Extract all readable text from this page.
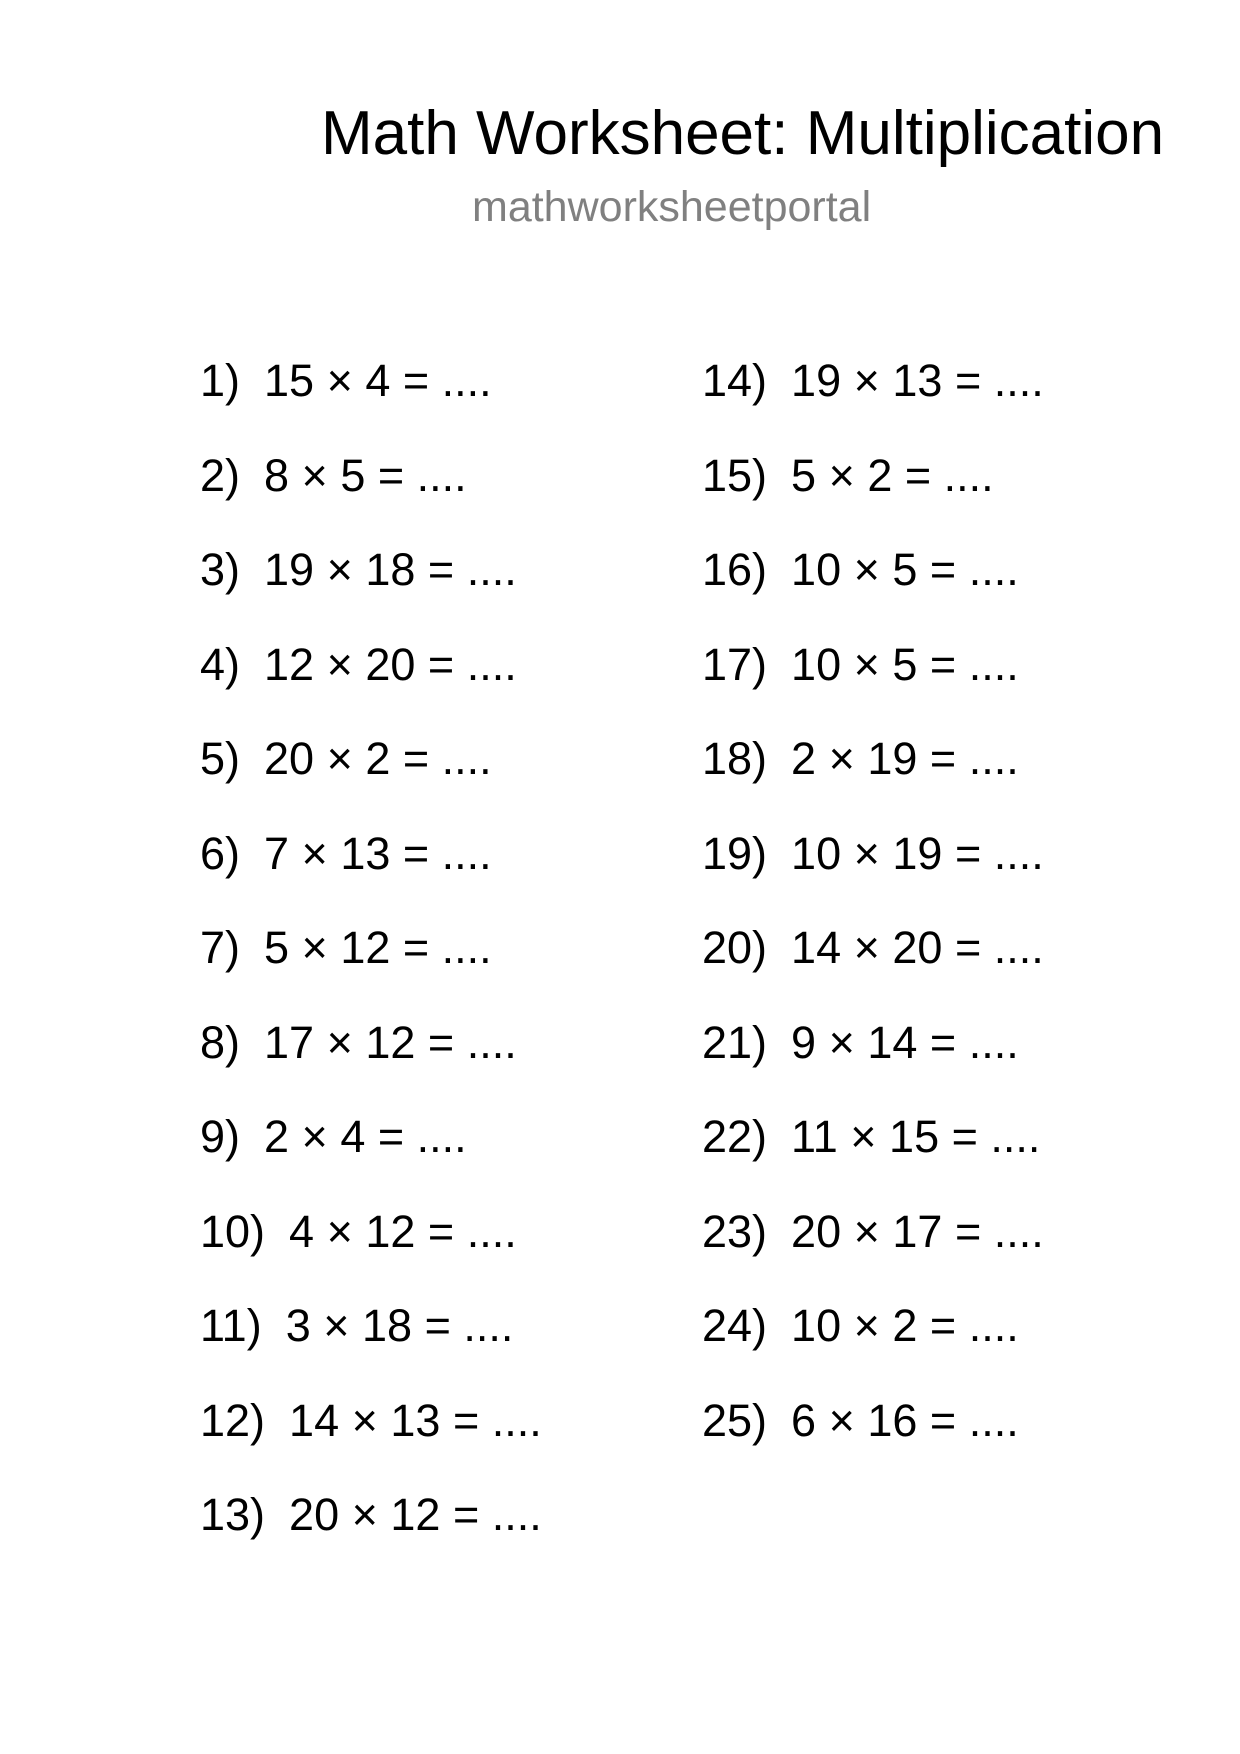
Math Worksheet: Multiplication
mathworksheetportal
1) 15 × 4 = ....
2) 8 × 5 = ....
3) 19 × 18 = ....
4) 12 × 20 = ....
5) 20 × 2 = ....
6) 7 × 13 = ....
7) 5 × 12 = ....
8) 17 × 12 = ....
9) 2 × 4 = ....
10) 4 × 12 = ....
11) 3 × 18 = ....
12) 14 × 13 = ....
13) 20 × 12 = ....
14) 19 × 13 = ....
15) 5 × 2 = ....
16) 10 × 5 = ....
17) 10 × 5 = ....
18) 2 × 19 = ....
19) 10 × 19 = ....
20) 14 × 20 = ....
21) 9 × 14 = ....
22) 11 × 15 = ....
23) 20 × 17 = ....
24) 10 × 2 = ....
25) 6 × 16 = ....
